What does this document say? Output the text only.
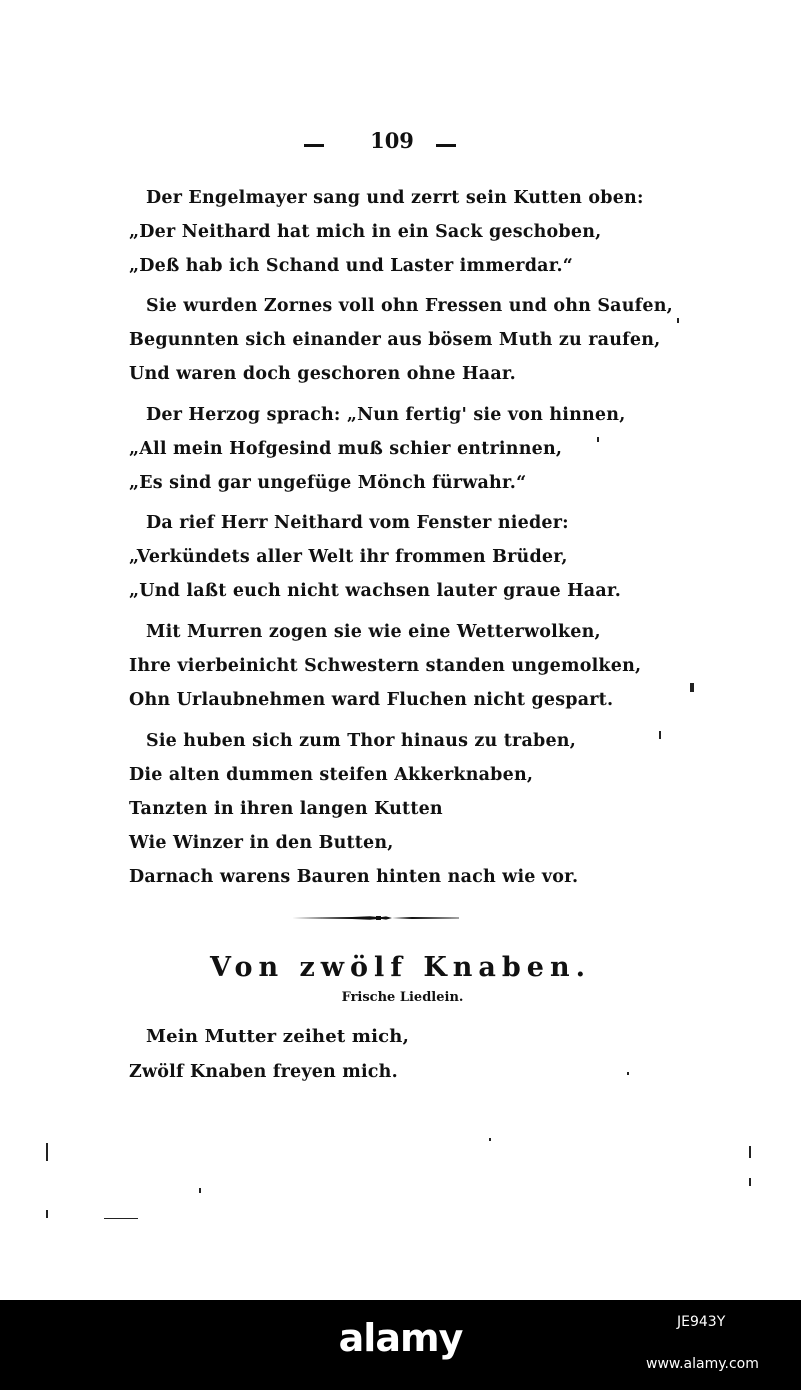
109
Der Engelmayer sang und zerrt sein Kutten oben:
„Der Neithard hat mich in ein Sack geschoben,
„Deß hab ich Schand und Laster immerdar.“
Sie wurden Zornes voll ohn Fressen und ohn Saufen,
Begunnten sich einander aus bösem Muth zu raufen,
Und waren doch geschoren ohne Haar.
Der Herzog sprach: „Nun fertig' sie von hinnen,
„All mein Hofgesind muß schier entrinnen,
„Es sind gar ungefüge Mönch fürwahr.“
Da rief Herr Neithard vom Fenster nieder:
„Verkündets aller Welt ihr frommen Brüder,
„Und laßt euch nicht wachsen lauter graue Haar.
Mit Murren zogen sie wie eine Wetterwolken,
Ihre vierbeinicht Schwestern standen ungemolken,
Ohn Urlaubnehmen ward Fluchen nicht gespart.
Sie huben sich zum Thor hinaus zu traben,
Die alten dummen steifen Akkerknaben,
Tanzten in ihren langen Kutten
Wie Winzer in den Butten,
Darnach warens Bauren hinten nach wie vor.
Von zwölf Knaben.
Frische Liedlein.
Mein Mutter zeihet mich,
Zwölf Knaben freyen mich.
alamy	JE943Y
www.alamy.com
